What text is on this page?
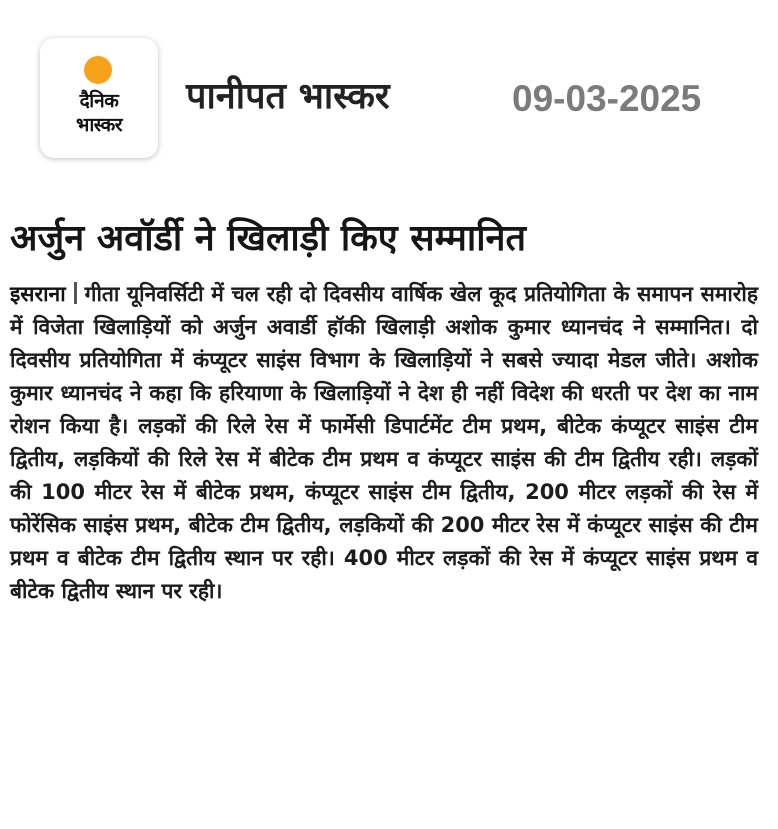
दैनिक
भास्कर
पानीपत भास्कर	09-03-2025
अर्जुन अवॉर्डी ने खिलाड़ी किए सम्मानित

इसराना गीता यूनिवर्सिटी में चल रही दो दिवसीय वार्षिक खेल कूद प्रतियोगिता के समापन समारोह में विजेता खिलाड़ियों को अर्जुन अवार्डी हॉकी खिलाड़ी अशोक कुमार ध्यानचंद ने सम्मानित। दो दिवसीय प्रतियोगिता में कंप्यूटर साइंस विभाग के खिलाड़ियों ने सबसे ज्यादा मेडल जीते। अशोक कुमार ध्यानचंद ने कहा कि हरियाणा के खिलाड़ियों ने देश ही नहीं विदेश की धरती पर देश का नाम रोशन किया है। लड़कों की रिले रेस में फार्मेसी डिपार्टमेंट टीम प्रथम, बीटेक कंप्यूटर साइंस टीम द्वितीय, लड़कियों की रिले रेस में बीटेक टीम प्रथम व कंप्यूटर साइंस की टीम द्वितीय रही। लड़कों की 100 मीटर रेस में बीटेक प्रथम, कंप्यूटर साइंस टीम द्वितीय, 200 मीटर लड़कों की रेस में फोरेंसिक साइंस प्रथम, बीटेक टीम द्वितीय, लड़कियों की 200 मीटर रेस में कंप्यूटर साइंस की टीम प्रथम व बीटेक टीम द्वितीय स्थान पर रही। 400 मीटर लड़कों की रेस में कंप्यूटर साइंस प्रथम व बीटेक द्वितीय स्थान पर रही।
